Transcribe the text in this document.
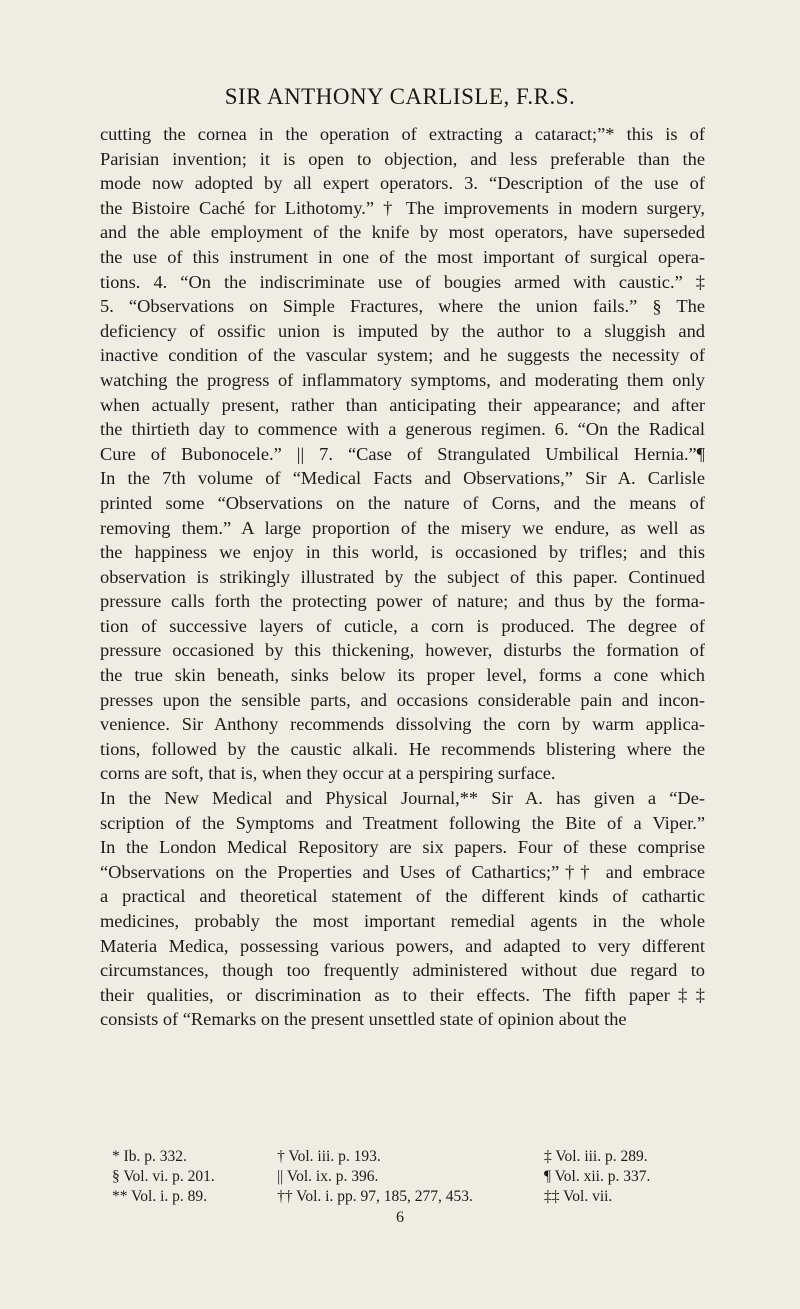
SIR ANTHONY CARLISLE, F.R.S.
cutting the cornea in the operation of extracting a cataract;”* this is of
Parisian invention; it is open to objection, and less preferable than the
mode now adopted by all expert operators. 3. “Description of the use of
the Bistoire Caché for Lithotomy.” † The improvements in modern surgery,
and the able employment of the knife by most operators, have superseded
the use of this instrument in one of the most important of surgical opera-
tions. 4. “On the indiscriminate use of bougies armed with caustic.” ‡
5. “Observations on Simple Fractures, where the union fails.” § The
deficiency of ossific union is imputed by the author to a sluggish and
inactive condition of the vascular system; and he suggests the necessity of
watching the progress of inflammatory symptoms, and moderating them only
when actually present, rather than anticipating their appearance; and after
the thirtieth day to commence with a generous regimen. 6. “On the Radical
Cure of Bubonocele.” || 7. “Case of Strangulated Umbilical Hernia.”¶
In the 7th volume of “Medical Facts and Observations,” Sir A. Carlisle
printed some “Observations on the nature of Corns, and the means of
removing them.” A large proportion of the misery we endure, as well as
the happiness we enjoy in this world, is occasioned by trifles; and this
observation is strikingly illustrated by the subject of this paper. Continued
pressure calls forth the protecting power of nature; and thus by the forma-
tion of successive layers of cuticle, a corn is produced. The degree of
pressure occasioned by this thickening, however, disturbs the formation of
the true skin beneath, sinks below its proper level, forms a cone which
presses upon the sensible parts, and occasions considerable pain and incon-
venience. Sir Anthony recommends dissolving the corn by warm applica-
tions, followed by the caustic alkali. He recommends blistering where the
corns are soft, that is, when they occur at a perspiring surface.
In the New Medical and Physical Journal,** Sir A. has given a “De-
scription of the Symptoms and Treatment following the Bite of a Viper.”
In the London Medical Repository are six papers. Four of these comprise
“Observations on the Properties and Uses of Cathartics;”†† and embrace
a practical and theoretical statement of the different kinds of cathartic
medicines, probably the most important remedial agents in the whole
Materia Medica, possessing various powers, and adapted to very different
circumstances, though too frequently administered without due regard to
their qualities, or discrimination as to their effects. The fifth paper‡‡
consists of “Remarks on the present unsettled state of opinion about the
* Ib. p. 332.	† Vol. iii. p. 193.	‡ Vol. iii. p. 289.
§ Vol. vi. p. 201.	|| Vol. ix. p. 396.	¶ Vol. xii. p. 337.
** Vol. i. p. 89.	†† Vol. i. pp. 97, 185, 277, 453.	‡‡ Vol. vii.
6
